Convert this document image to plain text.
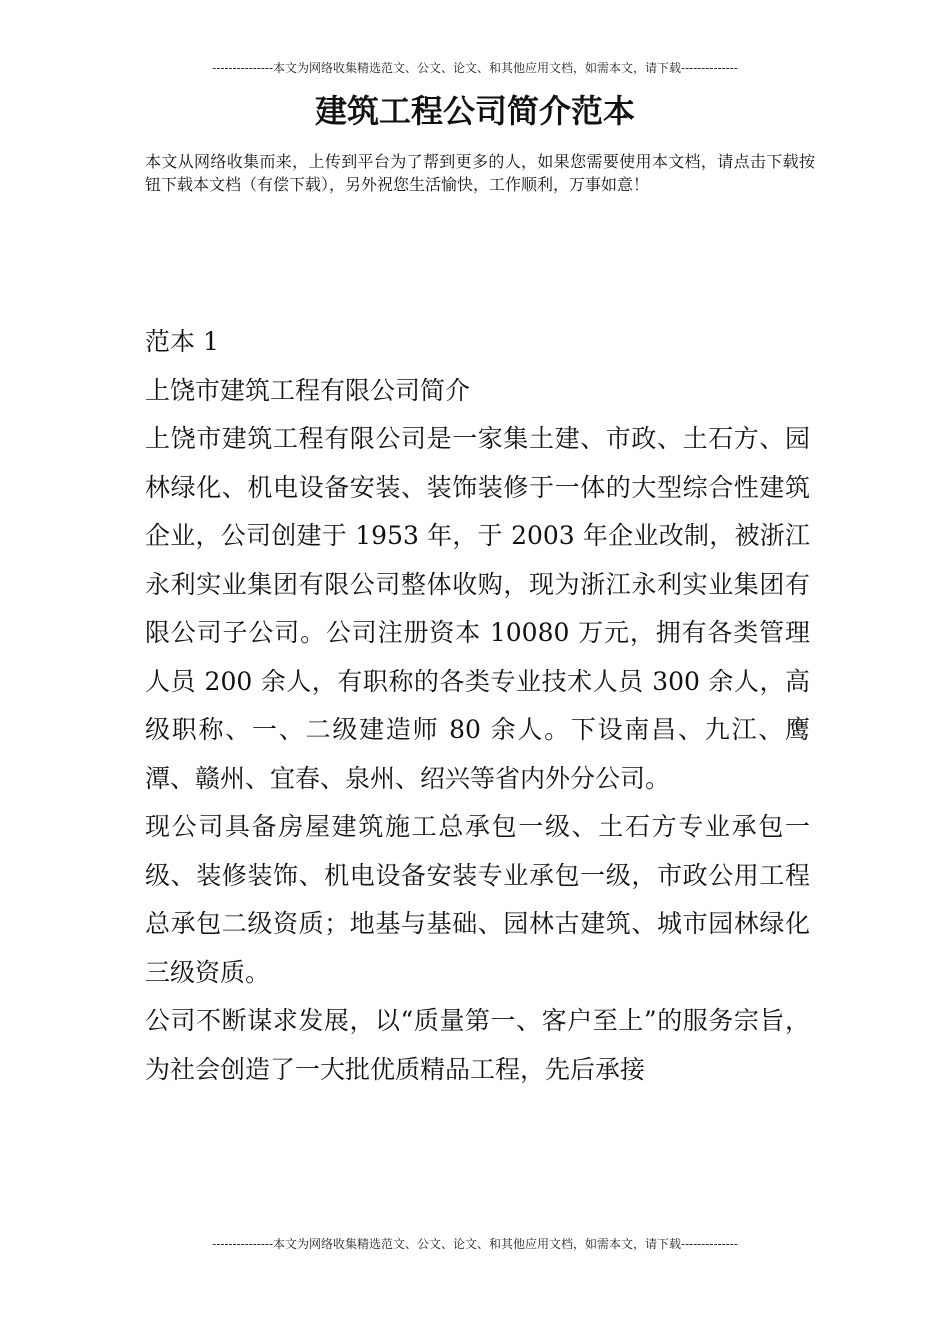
---------------本文为网络收集精选范文、公文、论文、和其他应用文档，如需本文，请下载--------------
建筑工程公司简介范本

本文从网络收集而来，上传到平台为了帮到更多的人，如果您需要使用本文档，请点击下载按钮下载本文档（有偿下载），另外祝您生活愉快，工作顺利，万事如意！

范本 1

上饶市建筑工程有限公司简介

上饶市建筑工程有限公司是一家集土建、市政、土石方、园林绿化、机电设备安装、装饰装修于一体的大型综合性建筑企业，公司创建于 1953 年，于 2003 年企业改制，被浙江永利实业集团有限公司整体收购，现为浙江永利实业集团有限公司子公司。公司注册资本 10080 万元，拥有各类管理人员 200 余人，有职称的各类专业技术人员 300 余人，高级职称、一、二级建造师 80 余人。下设南昌、九江、鹰潭、赣州、宜春、泉州、绍兴等省内外分公司。

现公司具备房屋建筑施工总承包一级、土石方专业承包一级、装修装饰、机电设备安装专业承包一级，市政公用工程总承包二级资质；地基与基础、园林古建筑、城市园林绿化三级资质。

公司不断谋求发展，以“质量第一、客户至上”的服务宗旨，为社会创造了一大批优质精品工程，先后承接

---------------本文为网络收集精选范文、公文、论文、和其他应用文档，如需本文，请下载--------------
